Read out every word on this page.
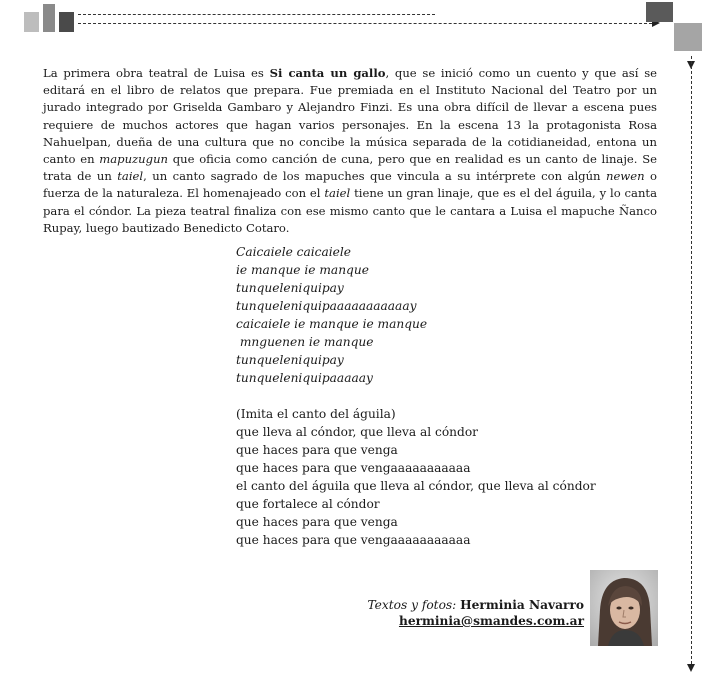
La primera obra teatral de Luisa es Si canta un gallo, que se inició como un cuento y que así se editará en el libro de relatos que prepara. Fue premiada en el Instituto Nacional del Teatro por un jurado integrado por Griselda Gambaro y Alejandro Finzi. Es una obra difícil de llevar a escena pues requiere de muchos actores que hagan varios personajes. En la escena 13 la protagonista Rosa Nahuelpan, dueña de una cultura que no concibe la música separada de la cotidianeidad, entona un canto en mapuzugun que oficia como canción de cuna, pero que en realidad es un canto de linaje. Se trata de un taiel, un canto sagrado de los mapuches que vincula a su intérprete con algún newen o fuerza de la naturaleza. El homenajeado con el taiel tiene un gran linaje, que es el del águila, y lo canta para el cóndor. La pieza teatral finaliza con ese mismo canto que le cantara a Luisa el mapuche Ñanco Rupay, luego bautizado Benedicto Cotaro.
Caicaiele caicaiele
ie manque ie manque
tunqueleniquipay
tunqueleniquipaaaaaaaaaaay
caicaiele ie manque ie manque
mnguenen ie manque
tunqueleniquipay
tunqueleniquipaaaaay
(Imita el canto del águila)
que lleva al cóndor, que lleva al cóndor
que haces para que venga
que haces para que vengaaaaaaaaaaa
el canto del águila que lleva al cóndor, que lleva al cóndor
que fortalece al cóndor
que haces para que venga
que haces para que vengaaaaaaaaaaa
Textos y fotos: Herminia Navarro
herminia@smandes.com.ar
